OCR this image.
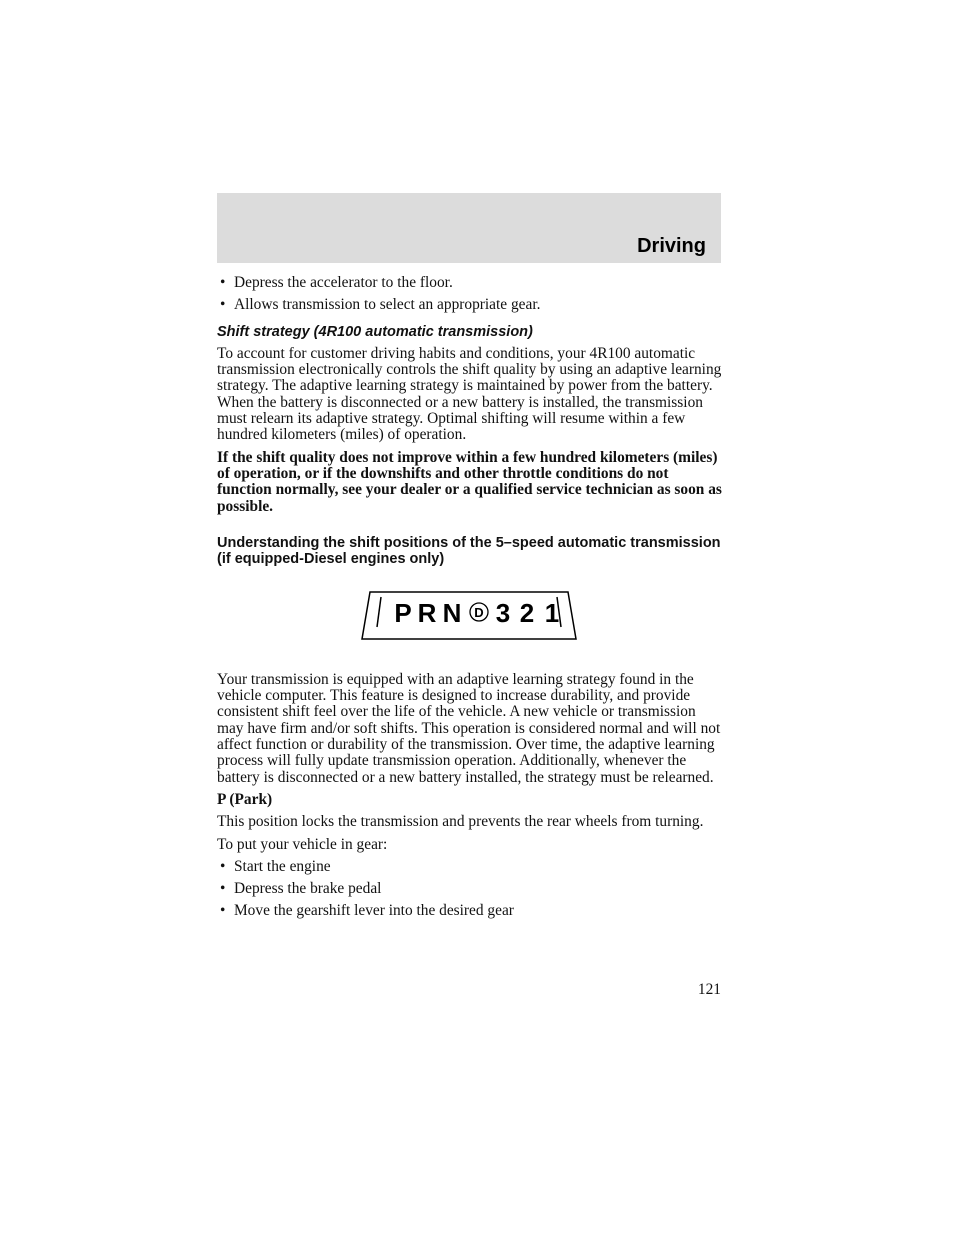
Driving
• Depress the accelerator to the floor.
• Allows transmission to select an appropriate gear.
Shift strategy (4R100 automatic transmission)

To account for customer driving habits and conditions, your 4R100 automatic transmission electronically controls the shift quality by using an adaptive learning strategy. The adaptive learning strategy is maintained by power from the battery. When the battery is disconnected or a new battery is installed, the transmission must relearn its adaptive strategy. Optimal shifting will resume within a few hundred kilometers (miles) of operation.

If the shift quality does not improve within a few hundred kilometers (miles) of operation, or if the downshifts and other throttle conditions do not function normally, see your dealer or a qualified service technician as soon as possible.

Understanding the shift positions of the 5–speed automatic transmission (if equipped-Diesel engines only)
P R N D 3 2 1

Your transmission is equipped with an adaptive learning strategy found in the vehicle computer. This feature is designed to increase durability, and provide consistent shift feel over the life of the vehicle. A new vehicle or transmission may have firm and/or soft shifts. This operation is considered normal and will not affect function or durability of the transmission. Over time, the adaptive learning process will fully update transmission operation. Additionally, whenever the battery is disconnected or a new battery installed, the strategy must be relearned.

P (Park)

This position locks the transmission and prevents the rear wheels from turning.

To put your vehicle in gear:

• Start the engine
• Depress the brake pedal
• Move the gearshift lever into the desired gear
121
